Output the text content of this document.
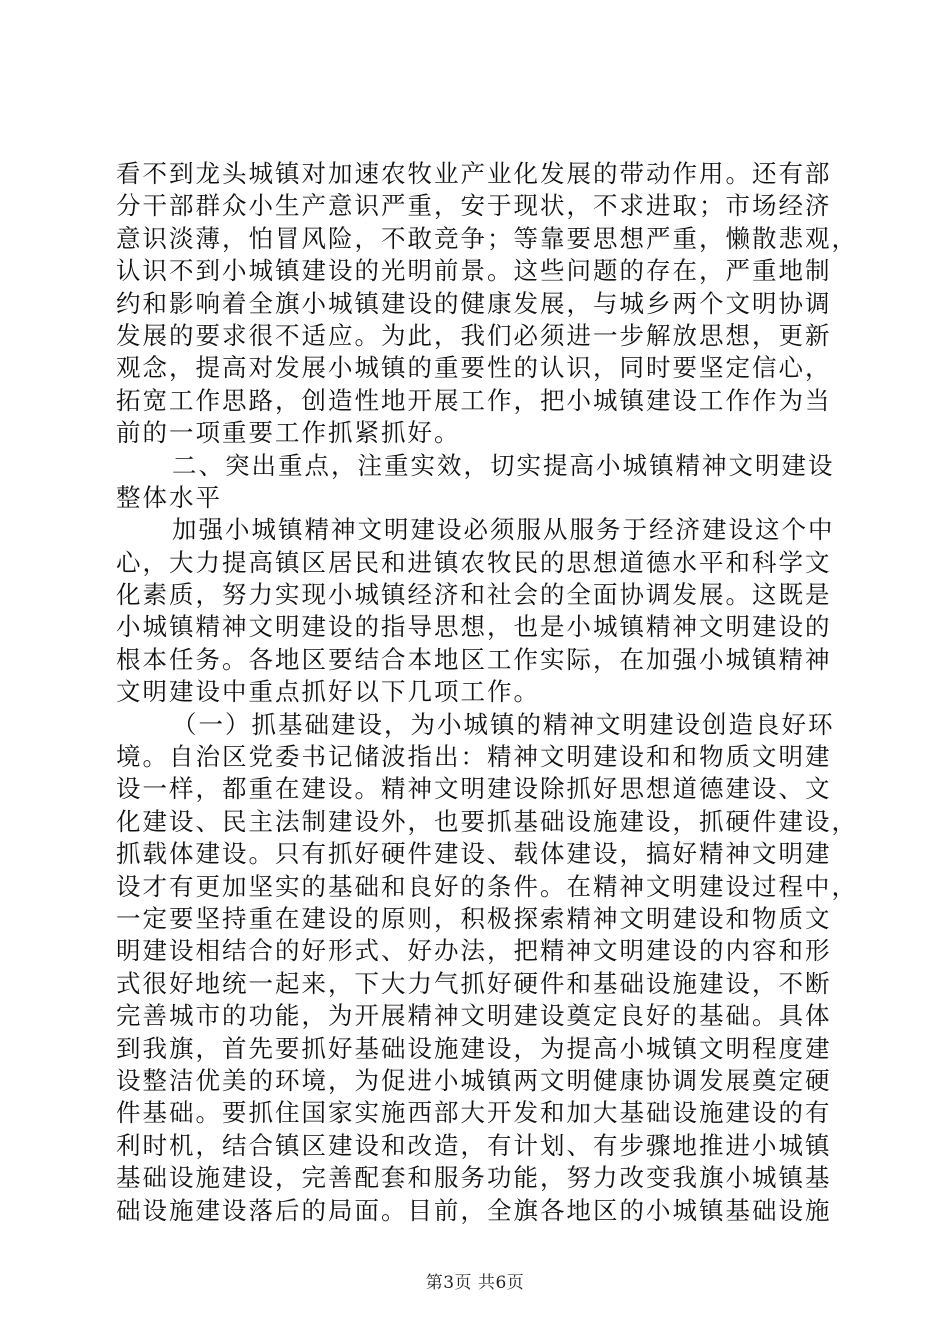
看不到龙头城镇对加速农牧业产业化发展的带动作用。还有部
分干部群众小生产意识严重，安于现状，不求进取；市场经济
意识淡薄，怕冒风险，不敢竞争；等靠要思想严重，懒散悲观，
认识不到小城镇建设的光明前景。这些问题的存在，严重地制
约和影响着全旗小城镇建设的健康发展，与城乡两个文明协调
发展的要求很不适应。为此，我们必须进一步解放思想，更新
观念，提高对发展小城镇的重要性的认识，同时要坚定信心，
拓宽工作思路，创造性地开展工作，把小城镇建设工作作为当
前的一项重要工作抓紧抓好。
二、突出重点，注重实效，切实提高小城镇精神文明建设
整体水平
加强小城镇精神文明建设必须服从服务于经济建设这个中
心，大力提高镇区居民和进镇农牧民的思想道德水平和科学文
化素质，努力实现小城镇经济和社会的全面协调发展。这既是
小城镇精神文明建设的指导思想，也是小城镇精神文明建设的
根本任务。各地区要结合本地区工作实际，在加强小城镇精神
文明建设中重点抓好以下几项工作。
（一）抓基础建设，为小城镇的精神文明建设创造良好环
境。自治区党委书记储波指出：精神文明建设和和物质文明建
设一样，都重在建设。精神文明建设除抓好思想道德建设、文
化建设、民主法制建设外，也要抓基础设施建设，抓硬件建设，
抓载体建设。只有抓好硬件建设、载体建设，搞好精神文明建
设才有更加坚实的基础和良好的条件。在精神文明建设过程中，
一定要坚持重在建设的原则，积极探索精神文明建设和物质文
明建设相结合的好形式、好办法，把精神文明建设的内容和形
式很好地统一起来，下大力气抓好硬件和基础设施建设，不断
完善城市的功能，为开展精神文明建设奠定良好的基础。具体
到我旗，首先要抓好基础设施建设，为提高小城镇文明程度建
设整洁优美的环境，为促进小城镇两文明健康协调发展奠定硬
件基础。要抓住国家实施西部大开发和加大基础设施建设的有
利时机，结合镇区建设和改造，有计划、有步骤地推进小城镇
基础设施建设，完善配套和服务功能，努力改变我旗小城镇基
础设施建设落后的局面。目前，全旗各地区的小城镇基础设施
第3页 共6页
